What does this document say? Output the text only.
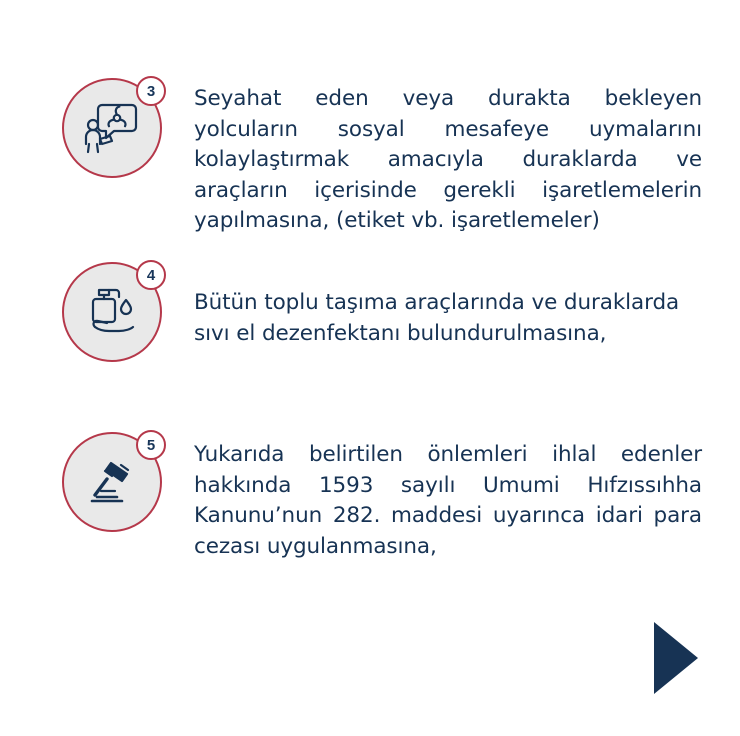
3	Seyahat eden veya durakta bekleyen yolcuların sosyal mesafeye uymalarını kolaylaştırmak amacıyla duraklarda ve araçların içerisinde gerekli işaretlemelerin yapılmasına, (etiket vb. işaretlemeler)
4
Bütün toplu taşıma araçlarında ve duraklarda sıvı el dezenfektanı bulundurulmasına,
5	Yukarıda belirtilen önlemleri ihlal edenler hakkında 1593 sayılı Umumi Hıfzıssıhha Kanunu’nun 282. maddesi uyarınca idari para cezası uygulanmasına,
